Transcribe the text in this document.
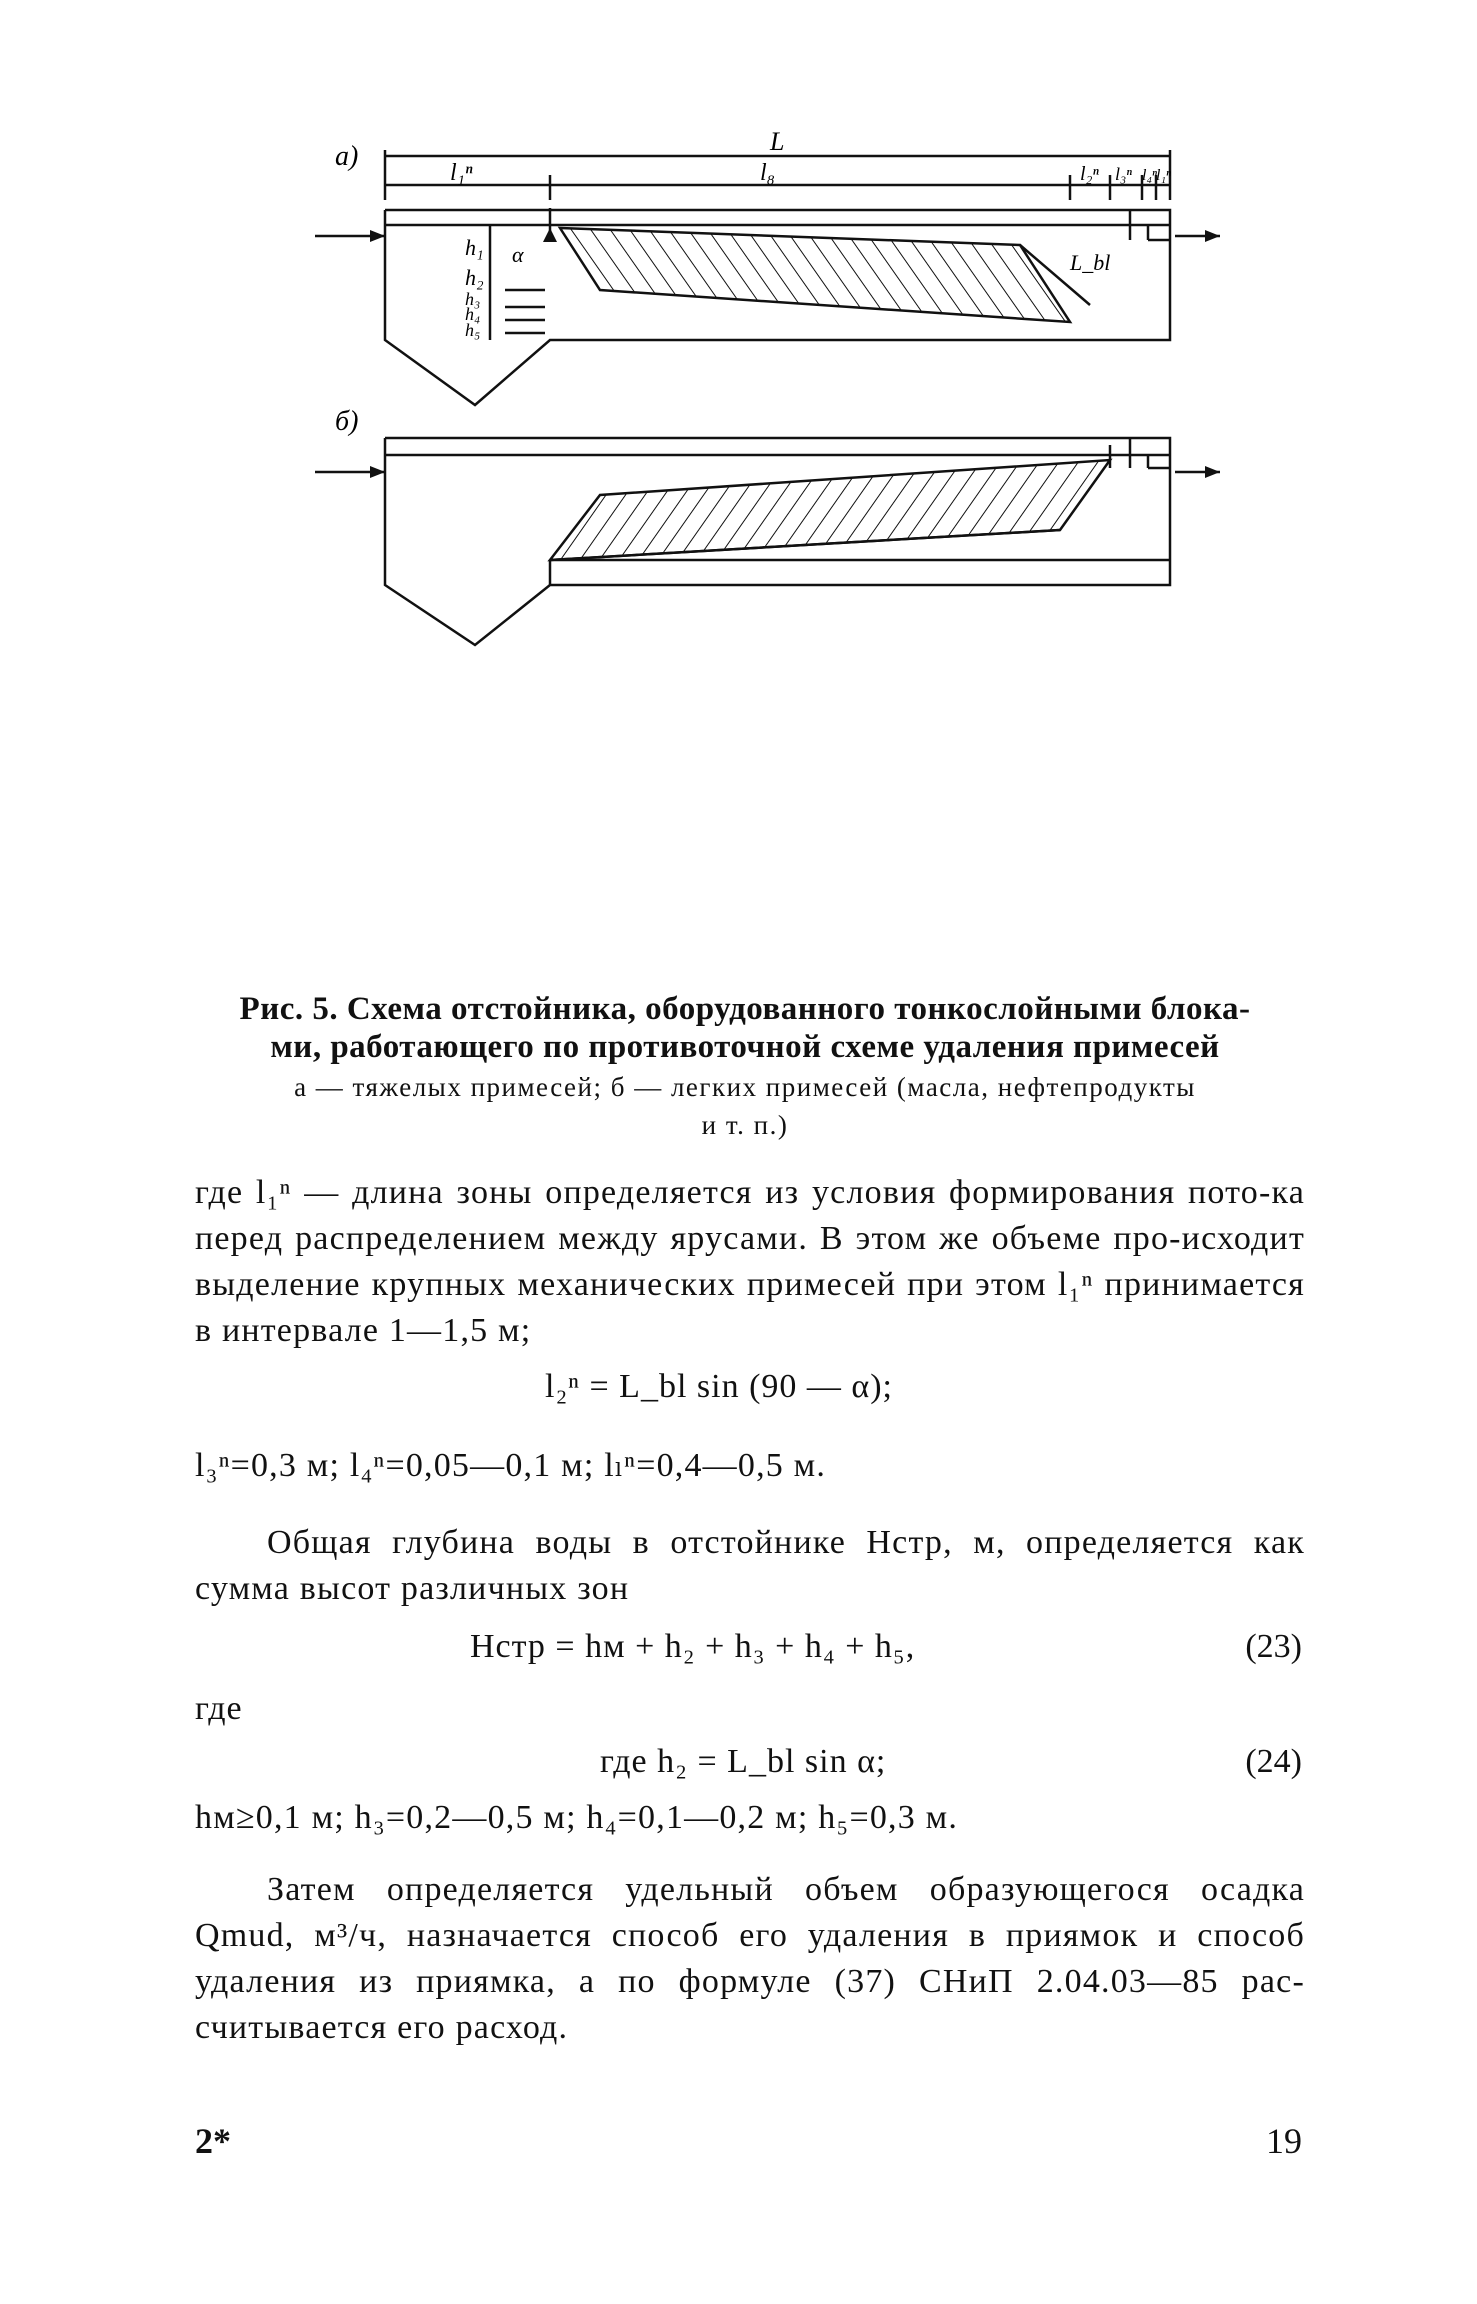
а)
б)
L
l₁ⁿ	l₈	l₂ⁿ l₃ⁿ l₄ⁿ
l₁ⁿ
h₁
h₂
h₃
h₄
h₅
α	L_bl
Рис. 5. Схема отстойника, оборудованного тонкослойными блока-
ми, работающего по противоточной схеме удаления примесей
а — тяжелых примесей; б — легких примесей (масла, нефтепродукты
и т. п.)

где l₁ⁿ — длина зоны определяется из условия формирования пото-ка перед распределением между ярусами. В этом же объеме про-исходит выделение крупных механических примесей при этом l₁ⁿ принимается в интервале 1—1,5 м;

l₂ⁿ = L_bl sin (90 — α);

l₃ⁿ=0,3 м; l₄ⁿ=0,05—0,1 м; lₗⁿ=0,4—0,5 м.

Общая глубина воды в отстойнике Hстр, м, определяется как сумма высот различных зон

Hстр = hм + h₂ + h₃ + h₄ + h₅,	(23)
где
где h₂ = L_bl sin α;	(24)

hм≥0,1 м; h₃=0,2—0,5 м; h₄=0,1—0,2 м; h₅=0,3 м.

Затем определяется удельный объем образующегося осадка Qmud, м³/ч, назначается способ его удаления в приямок и способ удаления из приямка, а по формуле (37) СНиП 2.04.03—85 рас-считывается его расход.

2*	19
